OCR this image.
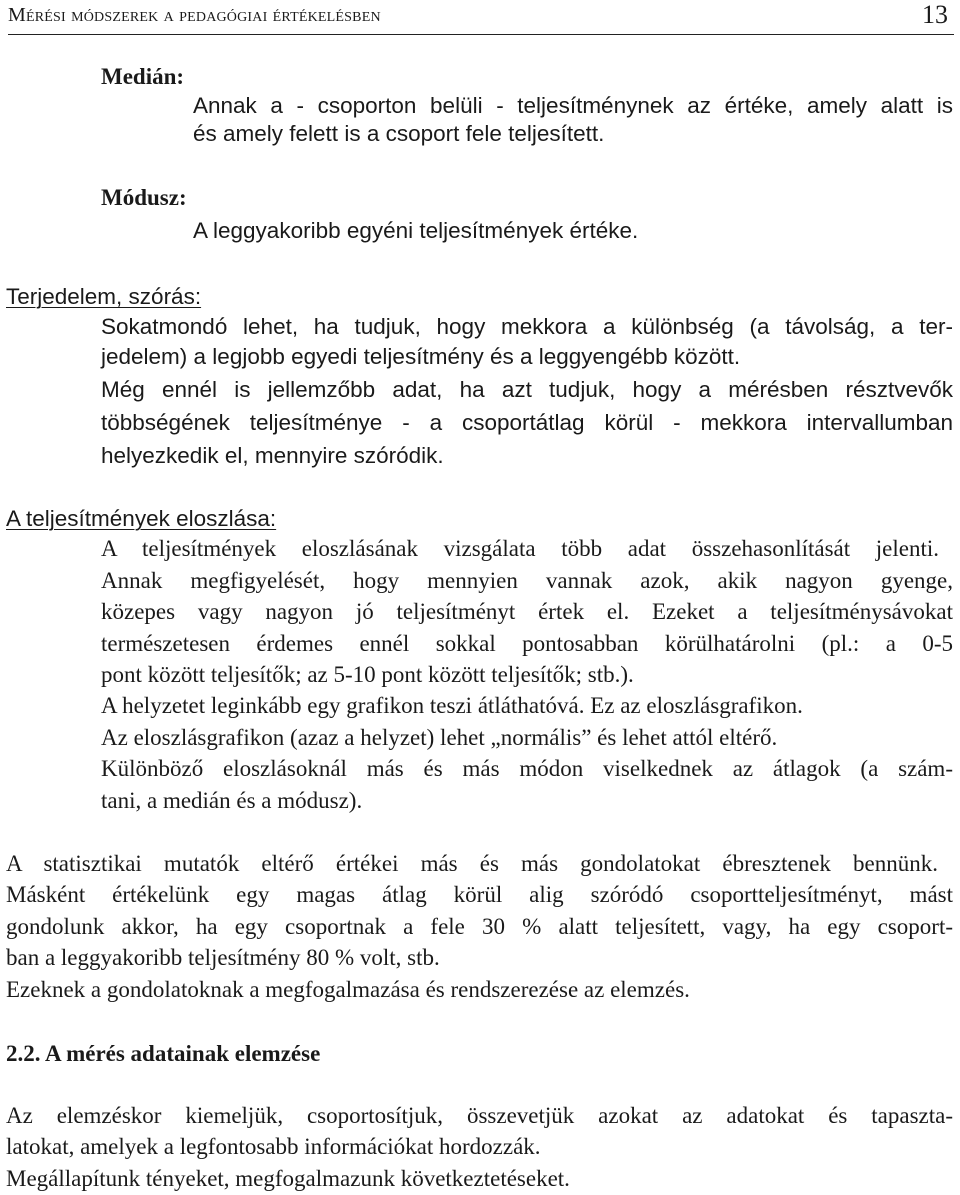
Mérési módszerek a pedagógiai értékelésben	13
Medián:
Annak a - csoporton belüli - teljesítménynek az értéke, amely alatt is
és amely felett is a csoport fele teljesített.
Módusz:
A leggyakoribb egyéni teljesítmények értéke.
Terjedelem, szórás:
Sokatmondó lehet, ha tudjuk, hogy mekkora a különbség (a távolság, a ter-
jedelem) a legjobb egyedi teljesítmény és a leggyengébb között.
Még ennél is jellemzőbb adat, ha azt tudjuk, hogy a mérésben résztvevők
többségének teljesítménye - a csoportátlag körül - mekkora intervallumban
helyezkedik el, mennyire szóródik.
A teljesítmények eloszlása:
A teljesítmények eloszlásának vizsgálata több adat összehasonlítását jelenti.
Annak megfigyelését, hogy mennyien vannak azok, akik nagyon gyenge,
közepes vagy nagyon jó teljesítményt értek el. Ezeket a teljesítménysávokat
természetesen érdemes ennél sokkal pontosabban körülhatárolni (pl.: a 0-5
pont között teljesítők; az 5-10 pont között teljesítők; stb.).
A helyzetet leginkább egy grafikon teszi átláthatóvá. Ez az eloszlásgrafikon.
Az eloszlásgrafikon (azaz a helyzet) lehet „normális” és lehet attól eltérő.
Különböző eloszlásoknál más és más módon viselkednek az átlagok (a szám-
tani, a medián és a módusz).
A statisztikai mutatók eltérő értékei más és más gondolatokat ébresztenek bennünk.
Másként értékelünk egy magas átlag körül alig szóródó csoportteljesítményt, mást
gondolunk akkor, ha egy csoportnak a fele 30 % alatt teljesített, vagy, ha egy csoport-
ban a leggyakoribb teljesítmény 80 % volt, stb.
Ezeknek a gondolatoknak a megfogalmazása és rendszerezése az elemzés.
2.2. A mérés adatainak elemzése
Az elemzéskor kiemeljük, csoportosítjuk, összevetjük azokat az adatokat és tapaszta-
latokat, amelyek a legfontosabb információkat hordozzák.
Megállapítunk tényeket, megfogalmazunk következtetéseket.
